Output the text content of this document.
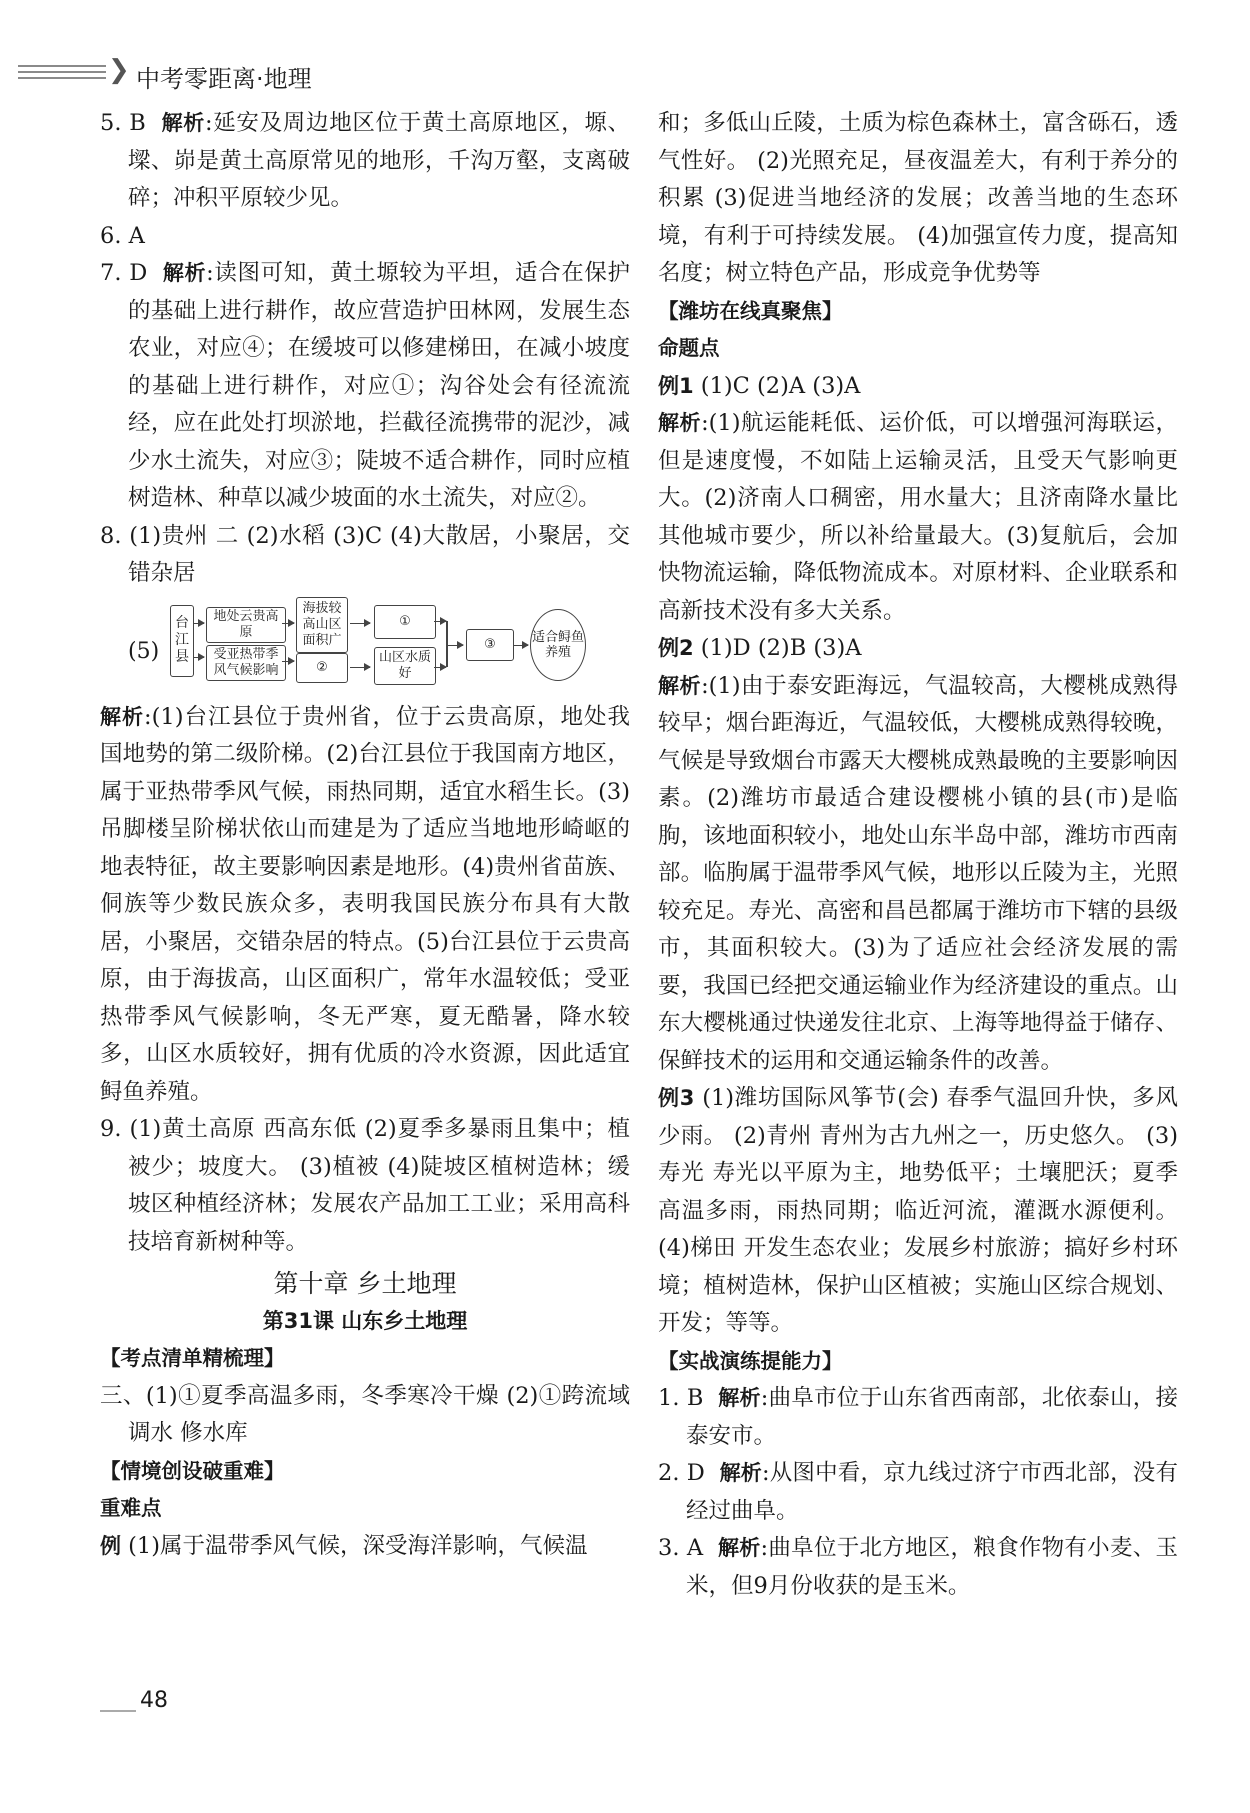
❯ 中考零距离·地理

5. B 解析:延安及周边地区位于黄土高原地区，塬、墚、峁是黄土高原常见的地形，千沟万壑，支离破碎；冲积平原较少见。

6. A

7. D 解析:读图可知，黄土塬较为平坦，适合在保护的基础上进行耕作，故应营造护田林网，发展生态农业，对应④；在缓坡可以修建梯田，在减小坡度的基础上进行耕作，对应①；沟谷处会有径流流经，应在此处打坝淤地，拦截径流携带的泥沙，减少水土流失，对应③；陡坡不适合耕作，同时应植树造林、种草以减少坡面的水土流失，对应②。

8. (1)贵州 二 (2)水稻 (3)C (4)大散居，小聚居，交错杂居

(5)
台江县
地处云贵高原
受亚热带季风气候影响
海拔较高山区面积广
②
①
山区水质好
③	适合鲟鱼养殖

解析:(1)台江县位于贵州省，位于云贵高原，地处我国地势的第二级阶梯。(2)台江县位于我国南方地区，属于亚热带季风气候，雨热同期，适宜水稻生长。(3)吊脚楼呈阶梯状依山而建是为了适应当地地形崎岖的地表特征，故主要影响因素是地形。(4)贵州省苗族、侗族等少数民族众多，表明我国民族分布具有大散居，小聚居，交错杂居的特点。(5)台江县位于云贵高原，由于海拔高，山区面积广，常年水温较低；受亚热带季风气候影响，冬无严寒，夏无酷暑，降水较多，山区水质较好，拥有优质的冷水资源，因此适宜鲟鱼养殖。

9. (1)黄土高原 西高东低 (2)夏季多暴雨且集中；植被少；坡度大。 (3)植被 (4)陡坡区植树造林；缓坡区种植经济林；发展农产品加工工业；采用高科技培育新树种等。

第十章 乡土地理
第31课 山东乡土地理
【考点清单精梳理】

三、(1)①夏季高温多雨，冬季寒冷干燥 (2)①跨流域调水 修水库

【情境创设破重难】
重难点

例 (1)属于温带季风气候，深受海洋影响，气候温

和；多低山丘陵，土质为棕色森林土，富含砾石，透气性好。 (2)光照充足，昼夜温差大，有利于养分的积累 (3)促进当地经济的发展；改善当地的生态环境，有利于可持续发展。 (4)加强宣传力度，提高知名度；树立特色产品，形成竞争优势等

【潍坊在线真聚焦】
命题点

例1 (1)C (2)A (3)A

解析:(1)航运能耗低、运价低，可以增强河海联运，但是速度慢，不如陆上运输灵活，且受天气影响更大。(2)济南人口稠密，用水量大；且济南降水量比其他城市要少，所以补给量最大。(3)复航后，会加快物流运输，降低物流成本。对原材料、企业联系和高新技术没有多大关系。

例2 (1)D (2)B (3)A

解析:(1)由于泰安距海远，气温较高，大樱桃成熟得较早；烟台距海近，气温较低，大樱桃成熟得较晚，气候是导致烟台市露天大樱桃成熟最晚的主要影响因素。(2)潍坊市最适合建设樱桃小镇的县(市)是临朐，该地面积较小，地处山东半岛中部，潍坊市西南部。临朐属于温带季风气候，地形以丘陵为主，光照较充足。寿光、高密和昌邑都属于潍坊市下辖的县级市，其面积较大。(3)为了适应社会经济发展的需要，我国已经把交通运输业作为经济建设的重点。山东大樱桃通过快递发往北京、上海等地得益于储存、保鲜技术的运用和交通运输条件的改善。

例3 (1)潍坊国际风筝节(会) 春季气温回升快，多风少雨。 (2)青州 青州为古九州之一，历史悠久。 (3)寿光 寿光以平原为主，地势低平；土壤肥沃；夏季高温多雨，雨热同期；临近河流，灌溉水源便利。 (4)梯田 开发生态农业；发展乡村旅游；搞好乡村环境；植树造林，保护山区植被；实施山区综合规划、开发；等等。

【实战演练提能力】

1. B 解析:曲阜市位于山东省西南部，北依泰山，接泰安市。

2. D 解析:从图中看，京九线过济宁市西北部，没有经过曲阜。

3. A 解析:曲阜位于北方地区，粮食作物有小麦、玉米，但9月份收获的是玉米。

48
